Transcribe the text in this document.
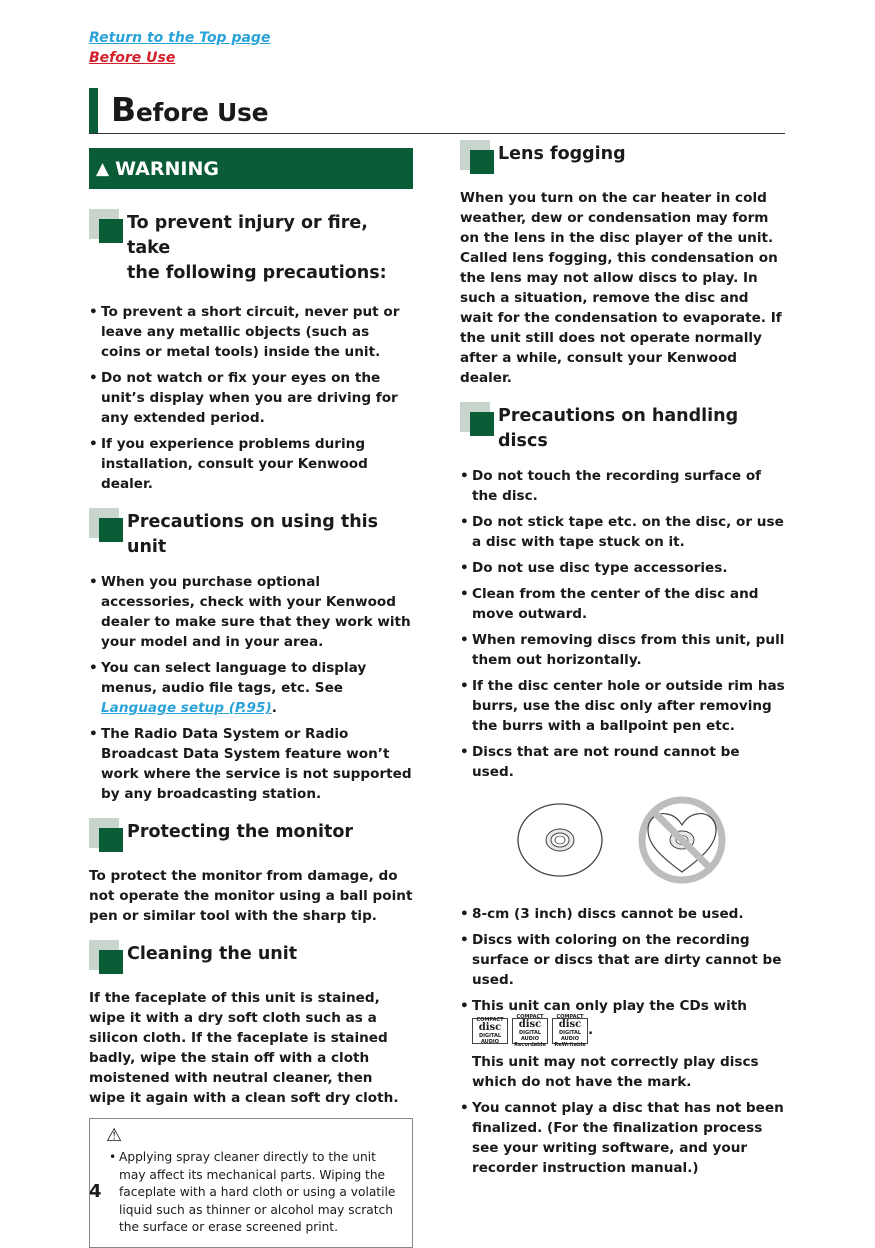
Return to the Top page
Before Use
Before Use
▲ WARNING
To prevent injury or fire, take
the following precautions:
• To prevent a short circuit, never put or leave any metallic objects (such as coins or metal tools) inside the unit.
• Do not watch or fix your eyes on the unit’s display when you are driving for any extended period.
• If you experience problems during installation, consult your Kenwood dealer.
Precautions on using this unit
• When you purchase optional accessories, check with your Kenwood dealer to make sure that they work with your model and in your area.
• You can select language to display menus, audio file tags, etc. See Language setup (P.95).
• The Radio Data System or Radio Broadcast Data System feature won’t work where the service is not supported by any broadcasting station.
Protecting the monitor

To protect the monitor from damage, do not operate the monitor using a ball point pen or similar tool with the sharp tip.

Cleaning the unit

If the faceplate of this unit is stained, wipe it with a dry soft cloth such as a silicon cloth. If the faceplate is stained badly, wipe the stain off with a cloth moistened with neutral cleaner, then wipe it again with a clean soft dry cloth.

⚠
• Applying spray cleaner directly to the unit may affect its mechanical parts. Wiping the faceplate with a hard cloth or using a volatile liquid such as thinner or alcohol may scratch the surface or erase screened print.
Lens fogging

When you turn on the car heater in cold weather, dew or condensation may form on the lens in the disc player of the unit. Called lens fogging, this condensation on the lens may not allow discs to play. In such a situation, remove the disc and wait for the condensation to evaporate. If the unit still does not operate normally after a while, consult your Kenwood dealer.

Precautions on handling discs
• Do not touch the recording surface of the disc.
• Do not stick tape etc. on the disc, or use a disc with tape stuck on it.
• Do not use disc type accessories.
• Clean from the center of the disc and move outward.
• When removing discs from this unit, pull them out horizontally.
• If the disc center hole or outside rim has burrs, use the disc only after removing the burrs with a ballpoint pen etc.
• Discs that are not round cannot be used.
• 8-cm (3 inch) discs cannot be used.
• Discs with coloring on the recording surface or discs that are dirty cannot be used.
• This unit can only play the CDs with

COMPACT
disc
DIGITAL AUDIO
COMPACT
disc
DIGITAL AUDIO Recordable
COMPACT
disc
DIGITAL AUDIO ReWritable
.
This unit may not correctly play discs which do not have the mark.
• You cannot play a disc that has not been finalized. (For the finalization process see your writing software, and your recorder instruction manual.)
4
